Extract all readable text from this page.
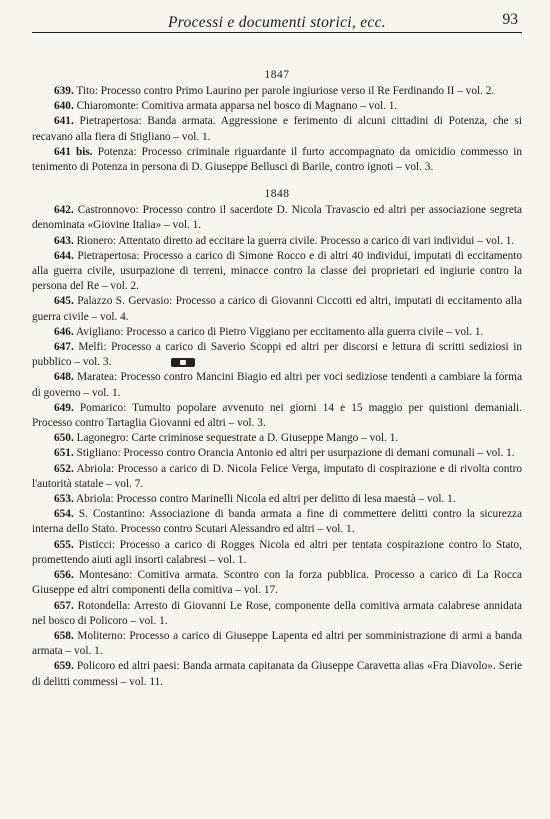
Processi e documenti storici, ecc.	93

1847

639. Tito: Processo contro Primo Laurino per parole ingiuriose verso il Re Ferdinando II – vol. 2.

640. Chiaromonte: Comitiva armata apparsa nel bosco di Magnano – vol. 1.

641. Pietrapertosa: Banda armata. Aggressione e ferimento di alcuni cittadini di Potenza, che si recavano alla fiera di Stigliano – vol. 1.

641 bis. Potenza: Processo criminale riguardante il furto accompagnato da omicidio commesso in tenimento di Potenza in persona di D. Giuseppe Bellusci di Barile, contro ignoti – vol. 3.

1848

642. Castronnovo: Processo contro il sacerdote D. Nicola Travascio ed altri per associazione segreta denominata «Giovine Italia» – vol. 1.

643. Rionero: Attentato diretto ad eccitare la guerra civile. Processo a carico di vari individui – vol. 1.

644. Pietrapertosa: Processo a carico di Simone Rocco e di altri 40 individui, imputati di eccitamento alla guerra civile, usurpazione di terreni, minacce contro la classe dei proprietari ed ingiurie contro la persona del Re – vol. 2.

645. Palazzo S. Gervasio: Processo a carico di Giovanni Ciccotti ed altri, imputati di eccitamento alla guerra civile – vol. 4.

646. Avigliano: Processo a carico di Pietro Viggiano per eccitamento alla guerra civile – vol. 1.

647. Melfi: Processo a carico di Saverio Scoppi ed altri per discorsi e lettura di scritti sediziosi in pubblico – vol. 3.

648. Maratea: Processo contro Mancini Biagio ed altri per voci sediziose tendenti a cambiare la forma di governo – vol. 1.

649. Pomarico: Tumulto popolare avvenuto nei giorni 14 e 15 maggio per quistioni demaniali. Processo contro Tartaglia Giovanni ed altri – vol. 3.

650. Lagonegro: Carte criminose sequestrate a D. Giuseppe Mango – vol. 1.

651. Stigliano: Processo contro Orancia Antonio ed altri per usurpazione di demani comunali – vol. 1.

652. Abriola: Processo a carico di D. Nicola Felice Verga, imputato di cospirazione e di rivolta contro l'autorità statale – vol. 7.

653. Abriola: Processo contro Marinelli Nicola ed altri per delitto di lesa maestà – vol. 1.

654. S. Costantino: Associazione di banda armata a fine di commettere delitti contro la sicurezza interna dello Stato. Processo contro Scutari Alessandro ed altri – vol. 1.

655. Pisticci: Processo a carico di Rogges Nicola ed altri per tentata cospirazione contro lo Stato, promettendo aiuti agli insorti calabresi – vol. 1.

656. Montesano: Comitiva armata. Scontro con la forza pubblica. Processo a carico di La Rocca Giuseppe ed altri componenti della comitiva – vol. 17.

657. Rotondella: Arresto di Giovanni Le Rose, componente della comitiva armata calabrese annidata nel bosco di Policoro – vol. 1.

658. Moliterno: Processo a carico di Giuseppe Lapenta ed altri per somministrazione di armi a banda armata – vol. 1.

659. Policoro ed altri paesi: Banda armata capitanata da Giuseppe Caravetta alias «Fra Diavolo». Serie di delitti commessi – vol. 11.
